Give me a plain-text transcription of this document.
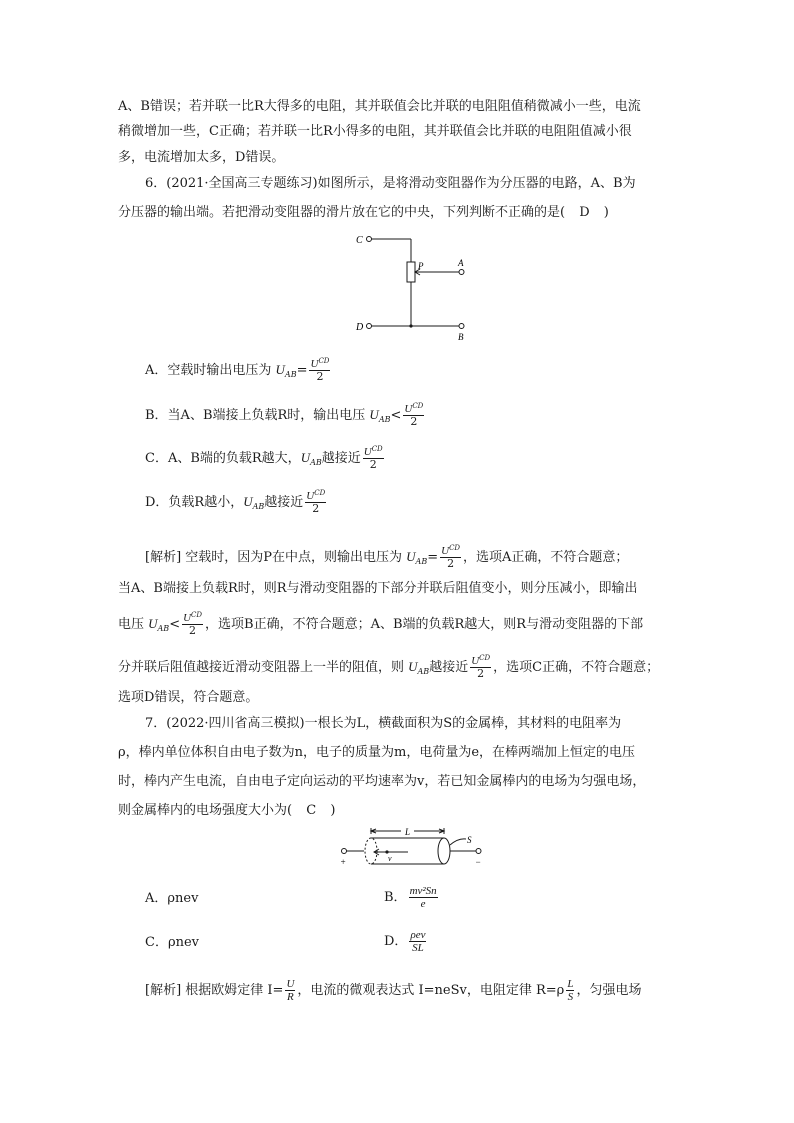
A、B错误；若并联一比R大得多的电阻，其并联值会比并联的电阻阻值稍微减小一些，电流
稍微增加一些，C正确；若并联一比R小得多的电阻，其并联值会比并联的电阻阻值减小很
多，电流增加太多，D错误。
6．(2021·全国高三专题练习)如图所示，是将滑动变阻器作为分压器的电路，A、B为
分压器的输出端。若把滑动变阻器的滑片放在它的中央，下列判断不正确的是( D )
C
P	A
D
B
A．空载时输出电压为 $U_{AB}= \frac{U^{CD}}{2}$
B．当A、B端接上负载R时，输出电压 $U_{AB}< \frac{U^{CD}}{2}$
C．A、B端的负载R越大，$U_{AB}$越接近 $\frac{U^{CD}}{2}$
D．负载R越小，$U_{AB}$越接近 $\frac{U^{CD}}{2}$
[解析] 空载时，因为P在中点，则输出电压为 $U_{AB}= \frac{U^{CD}}{2}$ ，选项A正确，不符合题意；
当A、B端接上负载R时，则R与滑动变阻器的下部分并联后阻值变小，则分压减小，即输出
电压 $U_{AB}< \frac{U^{CD}}{2}$ ，选项B正确，不符合题意；A、B端的负载R越大，则R与滑动变阻器的下部
分并联后阻值越接近滑动变阻器上一半的阻值，则 $U_{AB}$越接近 $\frac{U^{CD}}{2}$ ，选项C正确，不符合题意；
选项D错误，符合题意。
7．(2022·四川省高三模拟)一根长为L，横截面积为S的金属棒，其材料的电阻率为
ρ，棒内单位体积自由电子数为n，电子的质量为m，电荷量为e，在棒两端加上恒定的电压
时，棒内产生电流，自由电子定向运动的平均速率为v，若已知金属棒内的电场为匀强电场，
则金属棒内的电场强度大小为( C )
L
S
v
+	−
A．ρnev	B． $\frac{\text{mv²Sn}}{e}$
C．ρnev	D． $\frac{\text{ρev}}{SL}$
[解析] 根据欧姆定律 $I= \frac{U}{R}$ ，电流的微观表达式 I=neSv，电阻定律 $R=\rho \frac{L}{S}$ ，匀强电场
